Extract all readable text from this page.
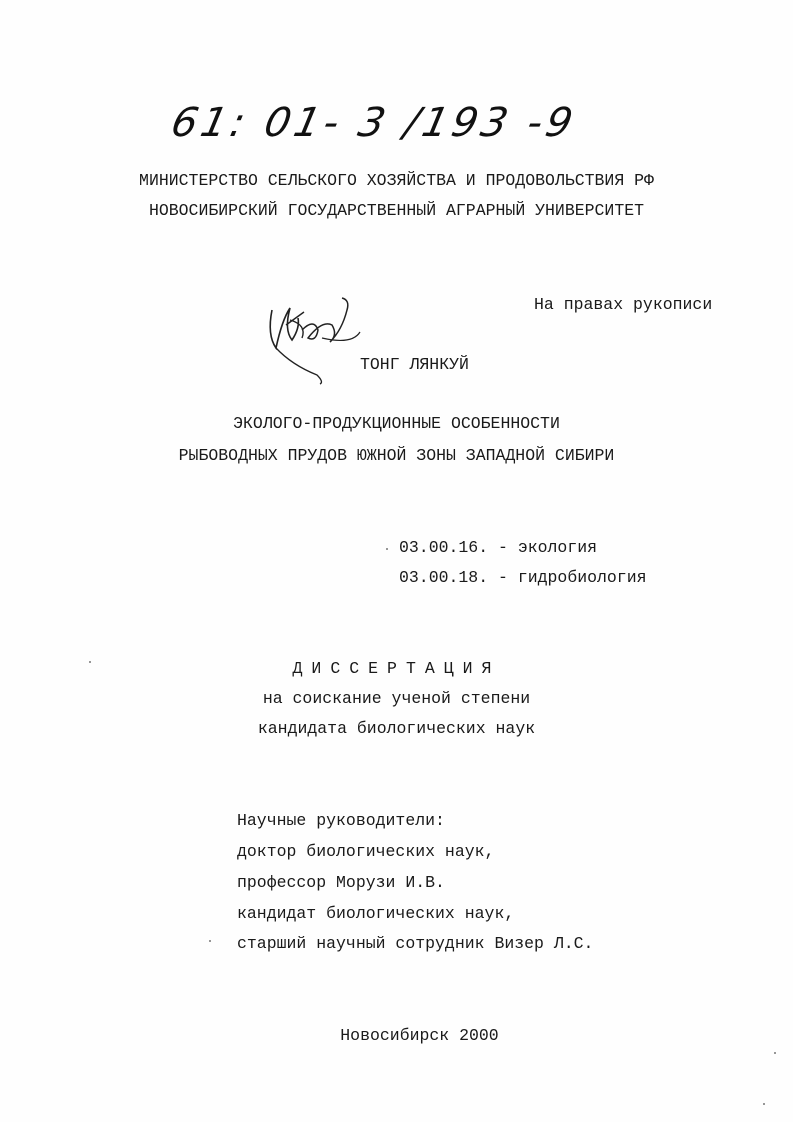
61: 01- 3 /193 -9
МИНИСТЕРСТВО СЕЛЬСКОГО ХОЗЯЙСТВА И ПРОДОВОЛЬСТВИЯ РФ
НОВОСИБИРСКИЙ ГОСУДАРСТВЕННЫЙ АГРАРНЫЙ УНИВЕРСИТЕТ
На правах рукописи
ТОНГ ЛЯНКУЙ
ЭКОЛОГО-ПРОДУКЦИОННЫЕ ОСОБЕННОСТИ
РЫБОВОДНЫХ ПРУДОВ ЮЖНОЙ ЗОНЫ ЗАПАДНОЙ СИБИРИ
03.00.16. - экология
03.00.18. - гидробиология
ДИССЕРТАЦИЯ
на соискание ученой степени
кандидата биологических наук
Научные руководители:
доктор биологических наук,
профессор Морузи И.В.
кандидат биологических наук,
старший научный сотрудник Визер Л.С.
Новосибирск 2000
